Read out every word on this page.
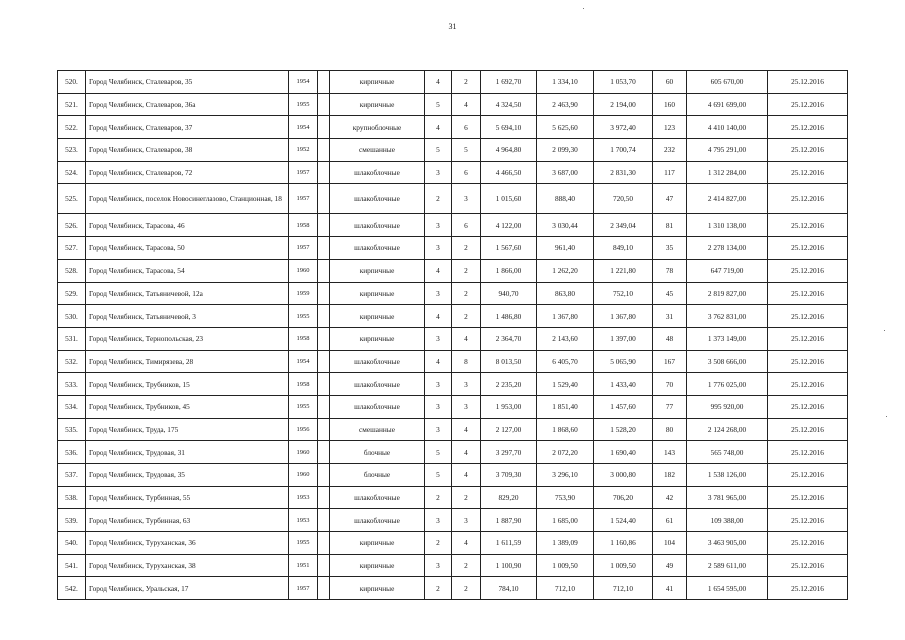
31
520.	Город Челябинск, Сталеваров, 35	1954		кирпичные	4	2	1 692,70	1 334,10	1 053,70	60	605 670,00	25.12.2016
521.	Город Челябинск, Сталеваров, 36а	1955		кирпичные	5	4	4 324,50	2 463,90	2 194,00	160	4 691 699,00	25.12.2016
522.	Город Челябинск, Сталеваров, 37	1954		крупноблочные	4	6	5 694,10	5 625,60	3 972,40	123	4 410 140,00	25.12.2016
523.	Город Челябинск, Сталеваров, 38	1952		смешанные	5	5	4 964,80	2 099,30	1 700,74	232	4 795 291,00	25.12.2016
524.	Город Челябинск, Сталеваров, 72	1957		шлакоблочные	3	6	4 466,50	3 687,00	2 831,30	117	1 312 284,00	25.12.2016
525.	Город Челябинск, поселок Новосинеглазово, Станционная, 18	1957		шлакоблочные	2	3	1 015,60	888,40	720,50	47	2 414 827,00	25.12.2016
526.	Город Челябинск, Тарасова, 46	1958		шлакоблочные	3	6	4 122,00	3 030,44	2 349,04	81	1 310 138,00	25.12.2016
527.	Город Челябинск, Тарасова, 50	1957		шлакоблочные	3	2	1 567,60	961,40	849,10	35	2 278 134,00	25.12.2016
528.	Город Челябинск, Тарасова, 54	1960		кирпичные	4	2	1 866,00	1 262,20	1 221,80	78	647 719,00	25.12.2016
529.	Город Челябинск, Татьяничевой, 12а	1959		кирпичные	3	2	940,70	863,80	752,10	45	2 819 827,00	25.12.2016
530.	Город Челябинск, Татьяничевой, 3	1955		кирпичные	4	2	1 486,80	1 367,80	1 367,80	31	3 762 831,00	25.12.2016
531.	Город Челябинск, Тернопольская, 23	1958		кирпичные	3	4	2 364,70	2 143,60	1 397,00	48	1 373 149,00	25.12.2016
532.	Город Челябинск, Тимирязева, 28	1954		шлакоблочные	4	8	8 013,50	6 405,70	5 065,90	167	3 508 666,00	25.12.2016
533.	Город Челябинск, Трубников, 15	1958		шлакоблочные	3	3	2 235,20	1 529,40	1 433,40	70	1 776 025,00	25.12.2016
534.	Город Челябинск, Трубников, 45	1955		шлакоблочные	3	3	1 953,00	1 851,40	1 457,60	77	995 920,00	25.12.2016
535.	Город Челябинск, Труда, 175	1956		смешанные	3	4	2 127,00	1 868,60	1 528,20	80	2 124 268,00	25.12.2016
536.	Город Челябинск, Трудовая, 31	1960		блочные	5	4	3 297,70	2 072,20	1 690,40	143	565 748,00	25.12.2016
537.	Город Челябинск, Трудовая, 35	1960		блочные	5	4	3 709,30	3 296,10	3 000,80	182	1 538 126,00	25.12.2016
538.	Город Челябинск, Турбинная, 55	1953		шлакоблочные	2	2	829,20	753,90	706,20	42	3 781 965,00	25.12.2016
539.	Город Челябинск, Турбинная, 63	1953		шлакоблочные	3	3	1 887,90	1 685,00	1 524,40	61	109 388,00	25.12.2016
540.	Город Челябинск, Туруханская, 36	1955		кирпичные	2	4	1 611,59	1 389,09	1 160,86	104	3 463 905,00	25.12.2016
541.	Город Челябинск, Туруханская, 38	1951		кирпичные	3	2	1 100,90	1 009,50	1 009,50	49	2 589 611,00	25.12.2016
542.	Город Челябинск, Уральская, 17	1957		кирпичные	2	2	784,10	712,10	712,10	41	1 654 595,00	25.12.2016
